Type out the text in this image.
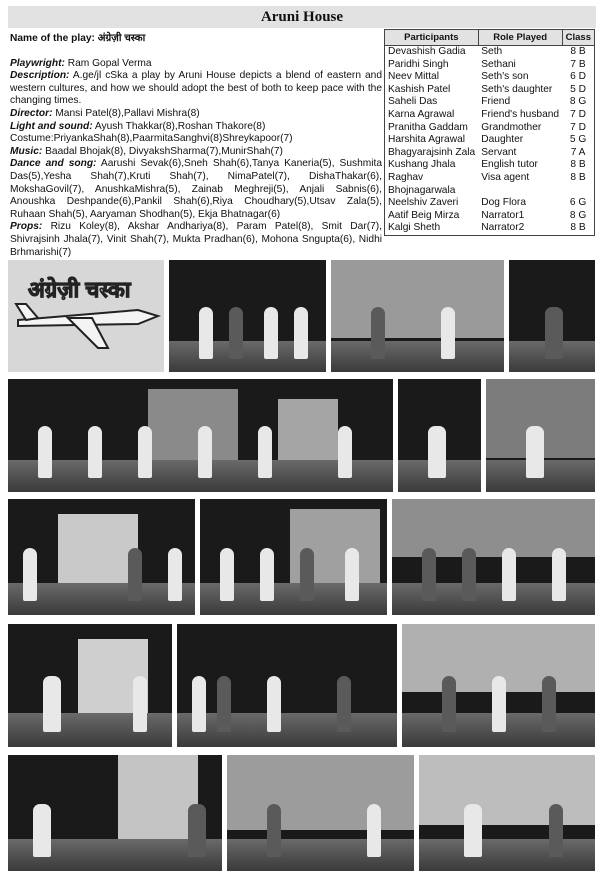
Aruni House

Name of the play: अंग्रेज़ी चस्का

Playwright: Ram Gopal Verma

Description: A.ge/jl cSka a play by Aruni House depicts a blend of eastern and western cultures, and how we should adopt the best of both to keep pace with the changing times.

Director: Mansi Patel(8),Pallavi Mishra(8)

Light and sound: Ayush Thakkar(8),Roshan Thakore(8)

Costume:PriyankaShah(8),PaarmitaSanghvi(8)Shreykapoor(7)

Music: Baadal Bhojak(8), DivyakshSharma(7),MunirShah(7)

Dance and song: Aarushi Sevak(6),Sneh Shah(6),Tanya Kaneria(5), Sushmita Das(5),Yesha Shah(7),Kruti Shah(7), NimaPatel(7), DishaThakar(6), MokshaGovil(7), AnushkaMishra(5), Zainab Meghreji(5), Anjali Sabnis(6), Anoushka Deshpande(6),Pankil Shah(6),Riya Choudhary(5),Utsav Zala(5), Ruhaan Shah(5), Aaryaman Shodhan(5), Ekja Bhatnagar(6)

Props: Rizu Koley(8), Akshar Andhariya(8), Param Patel(8), Smit Dar(7), Shivrajsinh Jhala(7), Vinit Shah(7), Mukta Pradhan(6), Mohona Sngupta(6), Nidhi Brhmarishi(7)

Participants	Role Played	Class
Devashish Gadia	Seth	8 B
Paridhi Singh	Sethani	7 B
Neev Mittal	Seth's son	6 D
Kashish Patel	Seth's daughter	5 D
Saheli Das	Friend	8 G
Karna Agrawal	Friend's husband	7 D
Pranitha Gaddam	Grandmother	7 D
Harshita Agrawal	Daughter	5 G
Bhagyarajsinh Zala	Servant	7 A
Kushang Jhala	English tutor	8 B
Raghav	Visa agent	8 B
Bhojnagarwala		
Neelshiv Zaveri	Dog Flora	6 G
Aatif Beig Mirza	Narrator1	8 G
Kalgi Sheth	Narrator2	8 B
अंग्रेज़ी चस्का
